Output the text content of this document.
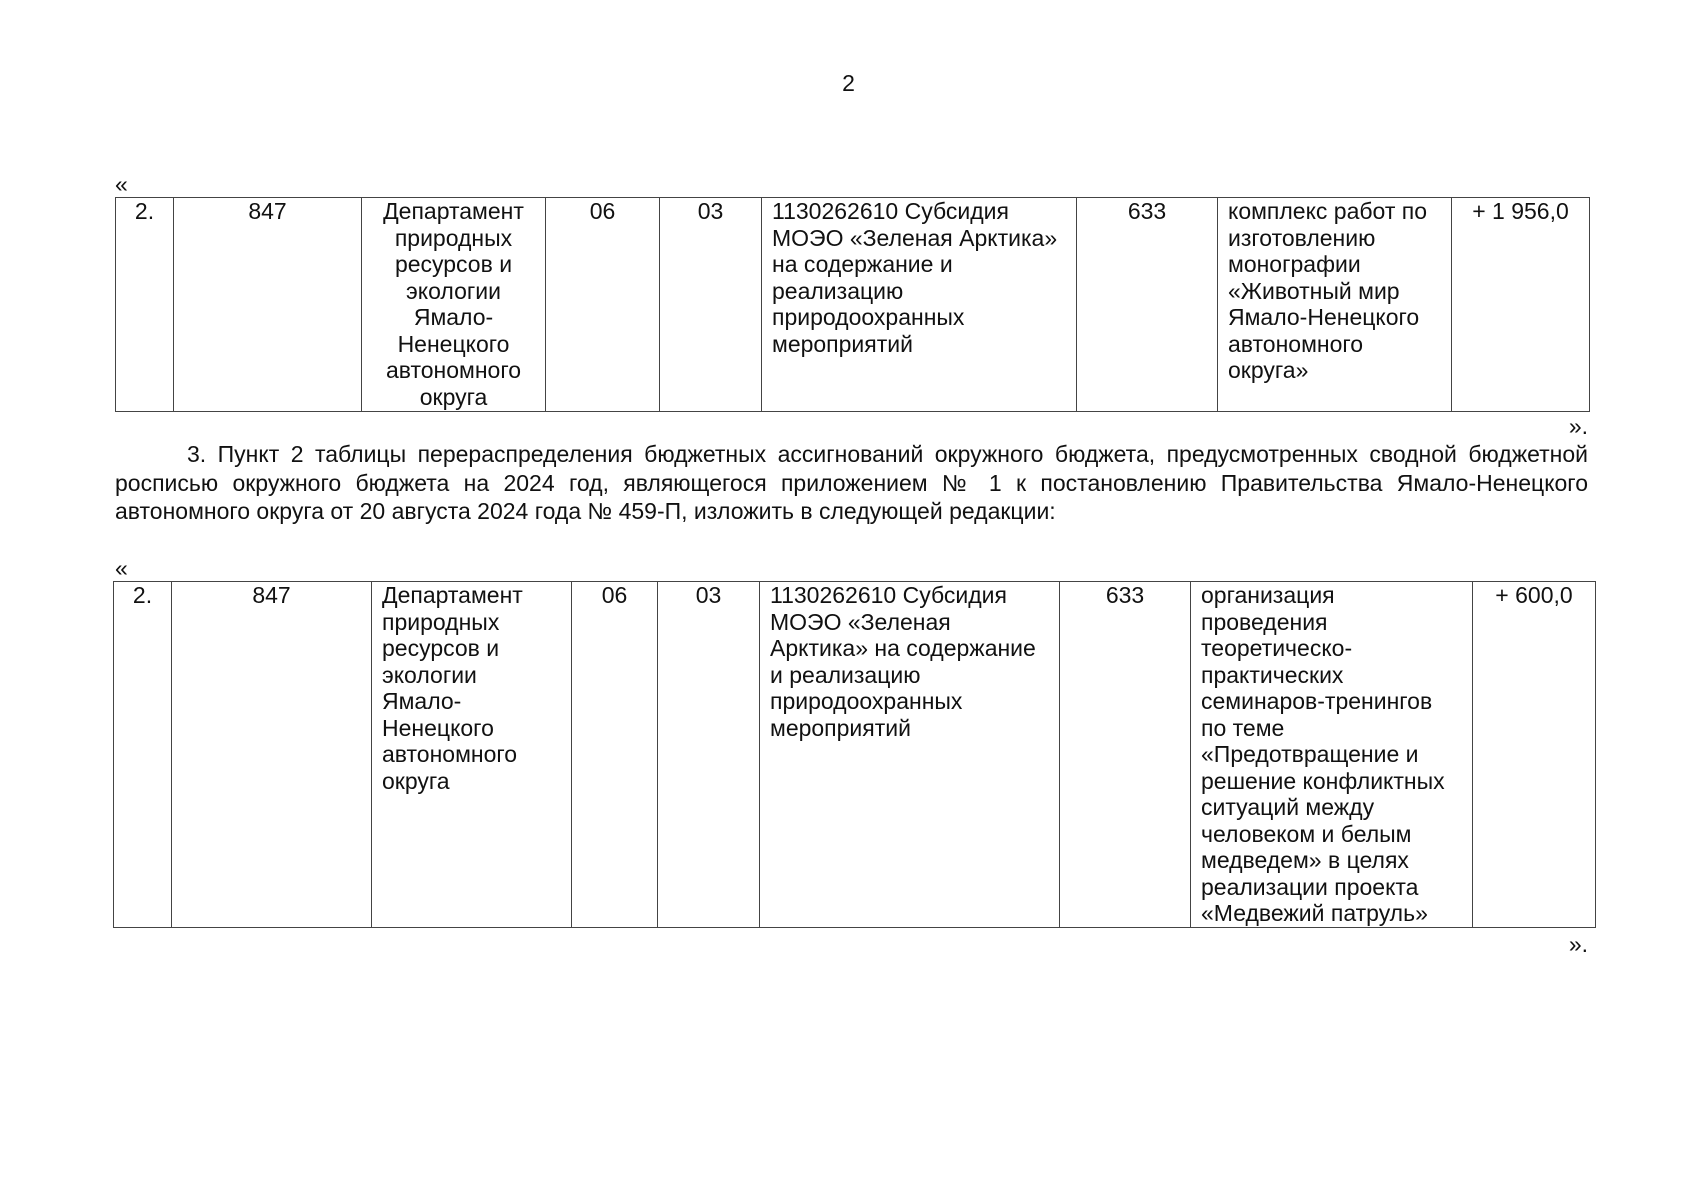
2
«
2.	847	Департамент природных ресурсов и экологии Ямало-Ненецкого автономного округа	06	03	1130262610 Субсидия МОЭО «Зеленая Арктика» на содержание и реализацию природоохранных мероприятий	633	комплекс работ по изготовлению монографии «Животный мир Ямало-Ненецкого автономного округа»	+ 1 956,0
».

3. Пункт 2 таблицы перераспределения бюджетных ассигнований окружного бюджета, предусмотренных сводной бюджетной росписью окружного бюджета на 2024 год, являющегося приложением № 1 к постановлению Правительства Ямало-Ненецкого автономного округа от 20 августа 2024 года № 459-П, изложить в следующей редакции:

«
2.	847	Департамент природных ресурсов и экологии Ямало-Ненецкого автономного округа	06	03	1130262610 Субсидия МОЭО «Зеленая Арктика» на содержание и реализацию природоохранных мероприятий	633	организация проведения теоретическо-практических семинаров-тренингов по теме «Предотвращение и решение конфликтных ситуаций между человеком и белым медведем» в целях реализации проекта «Медвежий патруль»	+ 600,0
».
